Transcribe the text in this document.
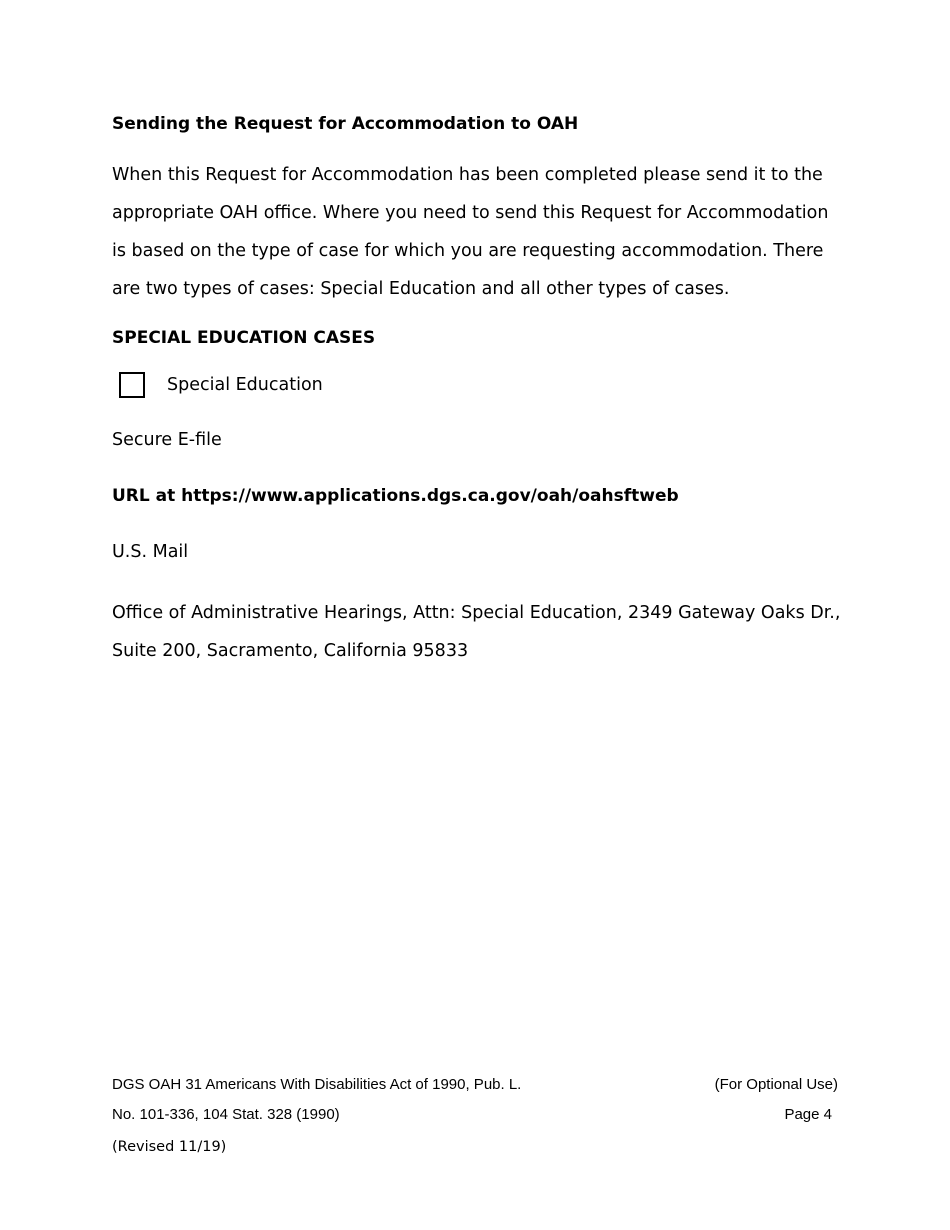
Sending the Request for Accommodation to OAH
When this Request for Accommodation has been completed please send it to the appropriate OAH office. Where you need to send this Request for Accommodation is based on the type of case for which you are requesting accommodation. There are two types of cases: Special Education and all other types of cases.
SPECIAL EDUCATION CASES
Special Education
Secure E-file
URL at https://www.applications.dgs.ca.gov/oah/oahsftweb
U.S. Mail
Office of Administrative Hearings, Attn: Special Education, 2349 Gateway Oaks Dr.,
Suite 200, Sacramento, California 95833
DGS OAH 31 Americans With Disabilities Act of 1990, Pub. L.	(For Optional Use)
No. 101-336, 104 Stat. 328 (1990)	Page 4
(Revised 11/19)
